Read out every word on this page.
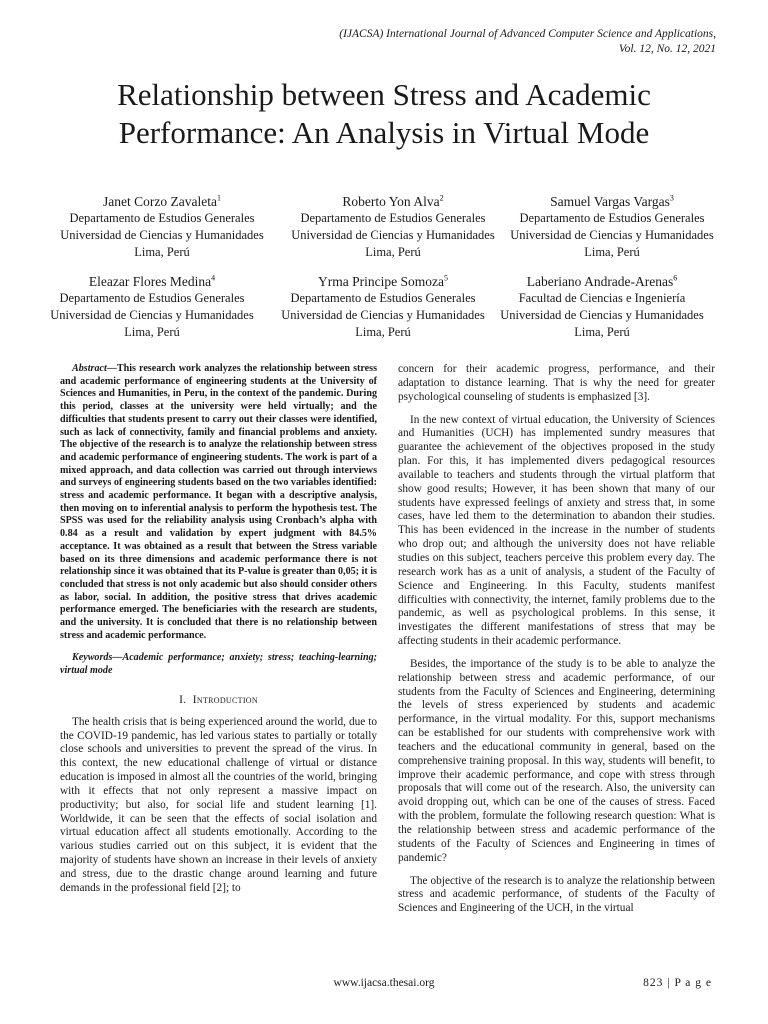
(IJACSA) International Journal of Advanced Computer Science and Applications,
Vol. 12, No. 12, 2021
Relationship between Stress and Academic
Performance: An Analysis in Virtual Mode
Janet Corzo Zavaleta$^1$
Departamento de Estudios Generales
Universidad de Ciencias y Humanidades
Lima, Perú
Roberto Yon Alva$^2$
Departamento de Estudios Generales
Universidad de Ciencias y Humanidades
Lima, Perú
Samuel Vargas Vargas$^3$
Departamento de Estudios Generales
Universidad de Ciencias y Humanidades
Lima, Perú
Eleazar Flores Medina$^4$
Departamento de Estudios Generales
Universidad de Ciencias y Humanidades
Lima, Perú
Yrma Principe Somoza$^5$
Departamento de Estudios Generales
Universidad de Ciencias y Humanidades
Lima, Perú
Laberiano Andrade-Arenas$^6$
Facultad de Ciencias e Ingeniería
Universidad de Ciencias y Humanidades
Lima, Perú

Abstract—This research work analyzes the relationship between stress and academic performance of engineering students at the University of Sciences and Humanities, in Peru, in the context of the pandemic. During this period, classes at the university were held virtually; and the difficulties that students present to carry out their classes were identified, such as lack of connectivity, family and financial problems and anxiety. The objective of the research is to analyze the relationship between stress and academic performance of engineering students. The work is part of a mixed approach, and data collection was carried out through interviews and surveys of engineering students based on the two variables identified: stress and academic performance. It began with a descriptive analysis, then moving on to inferential analysis to perform the hypothesis test. The SPSS was used for the reliability analysis using Cronbach’s alpha with 0.84 as a result and validation by expert judgment with 84.5% acceptance. It was obtained as a result that between the Stress variable based on its three dimensions and academic performance there is not relationship since it was obtained that its P-value is greater than 0,05; it is concluded that stress is not only academic but also should consider others as labor, social. In addition, the positive stress that drives academic performance emerged. The beneficiaries with the research are students, and the university. It is concluded that there is no relationship between stress and academic performance.

Keywords—Academic performance; anxiety; stress; teaching-learning; virtual mode

I. Introduction

The health crisis that is being experienced around the world, due to the COVID-19 pandemic, has led various states to partially or totally close schools and universities to prevent the spread of the virus. In this context, the new educational challenge of virtual or distance education is imposed in almost all the countries of the world, bringing with it effects that not only represent a massive impact on productivity; but also, for social life and student learning [1]. Worldwide, it can be seen that the effects of social isolation and virtual education affect all students emotionally. According to the various studies carried out on this subject, it is evident that the majority of students have shown an increase in their levels of anxiety and stress, due to the drastic change around learning and future demands in the professional field [2]; to

concern for their academic progress, performance, and their adaptation to distance learning. That is why the need for greater psychological counseling of students is emphasized [3].

In the new context of virtual education, the University of Sciences and Humanities (UCH) has implemented sundry measures that guarantee the achievement of the objectives proposed in the study plan. For this, it has implemented divers pedagogical resources available to teachers and students through the virtual platform that show good results; However, it has been shown that many of our students have expressed feelings of anxiety and stress that, in some cases, have led them to the determination to abandon their studies. This has been evidenced in the increase in the number of students who drop out; and although the university does not have reliable studies on this subject, teachers perceive this problem every day. The research work has as a unit of analysis, a student of the Faculty of Science and Engineering. In this Faculty, students manifest difficulties with connectivity, the internet, family problems due to the pandemic, as well as psychological problems. In this sense, it investigates the different manifestations of stress that may be affecting students in their academic performance.

Besides, the importance of the study is to be able to analyze the relationship between stress and academic performance, of our students from the Faculty of Sciences and Engineering, determining the levels of stress experienced by students and academic performance, in the virtual modality. For this, support mechanisms can be established for our students with comprehensive work with teachers and the educational community in general, based on the comprehensive training proposal. In this way, students will benefit, to improve their academic performance, and cope with stress through proposals that will come out of the research. Also, the university can avoid dropping out, which can be one of the causes of stress. Faced with the problem, formulate the following research question: What is the relationship between stress and academic performance of the students of the Faculty of Sciences and Engineering in times of pandemic?

The objective of the research is to analyze the relationship between stress and academic performance, of students of the Faculty of Sciences and Engineering of the UCH, in the virtual

www.ijacsa.thesai.org	823 | P a g e
